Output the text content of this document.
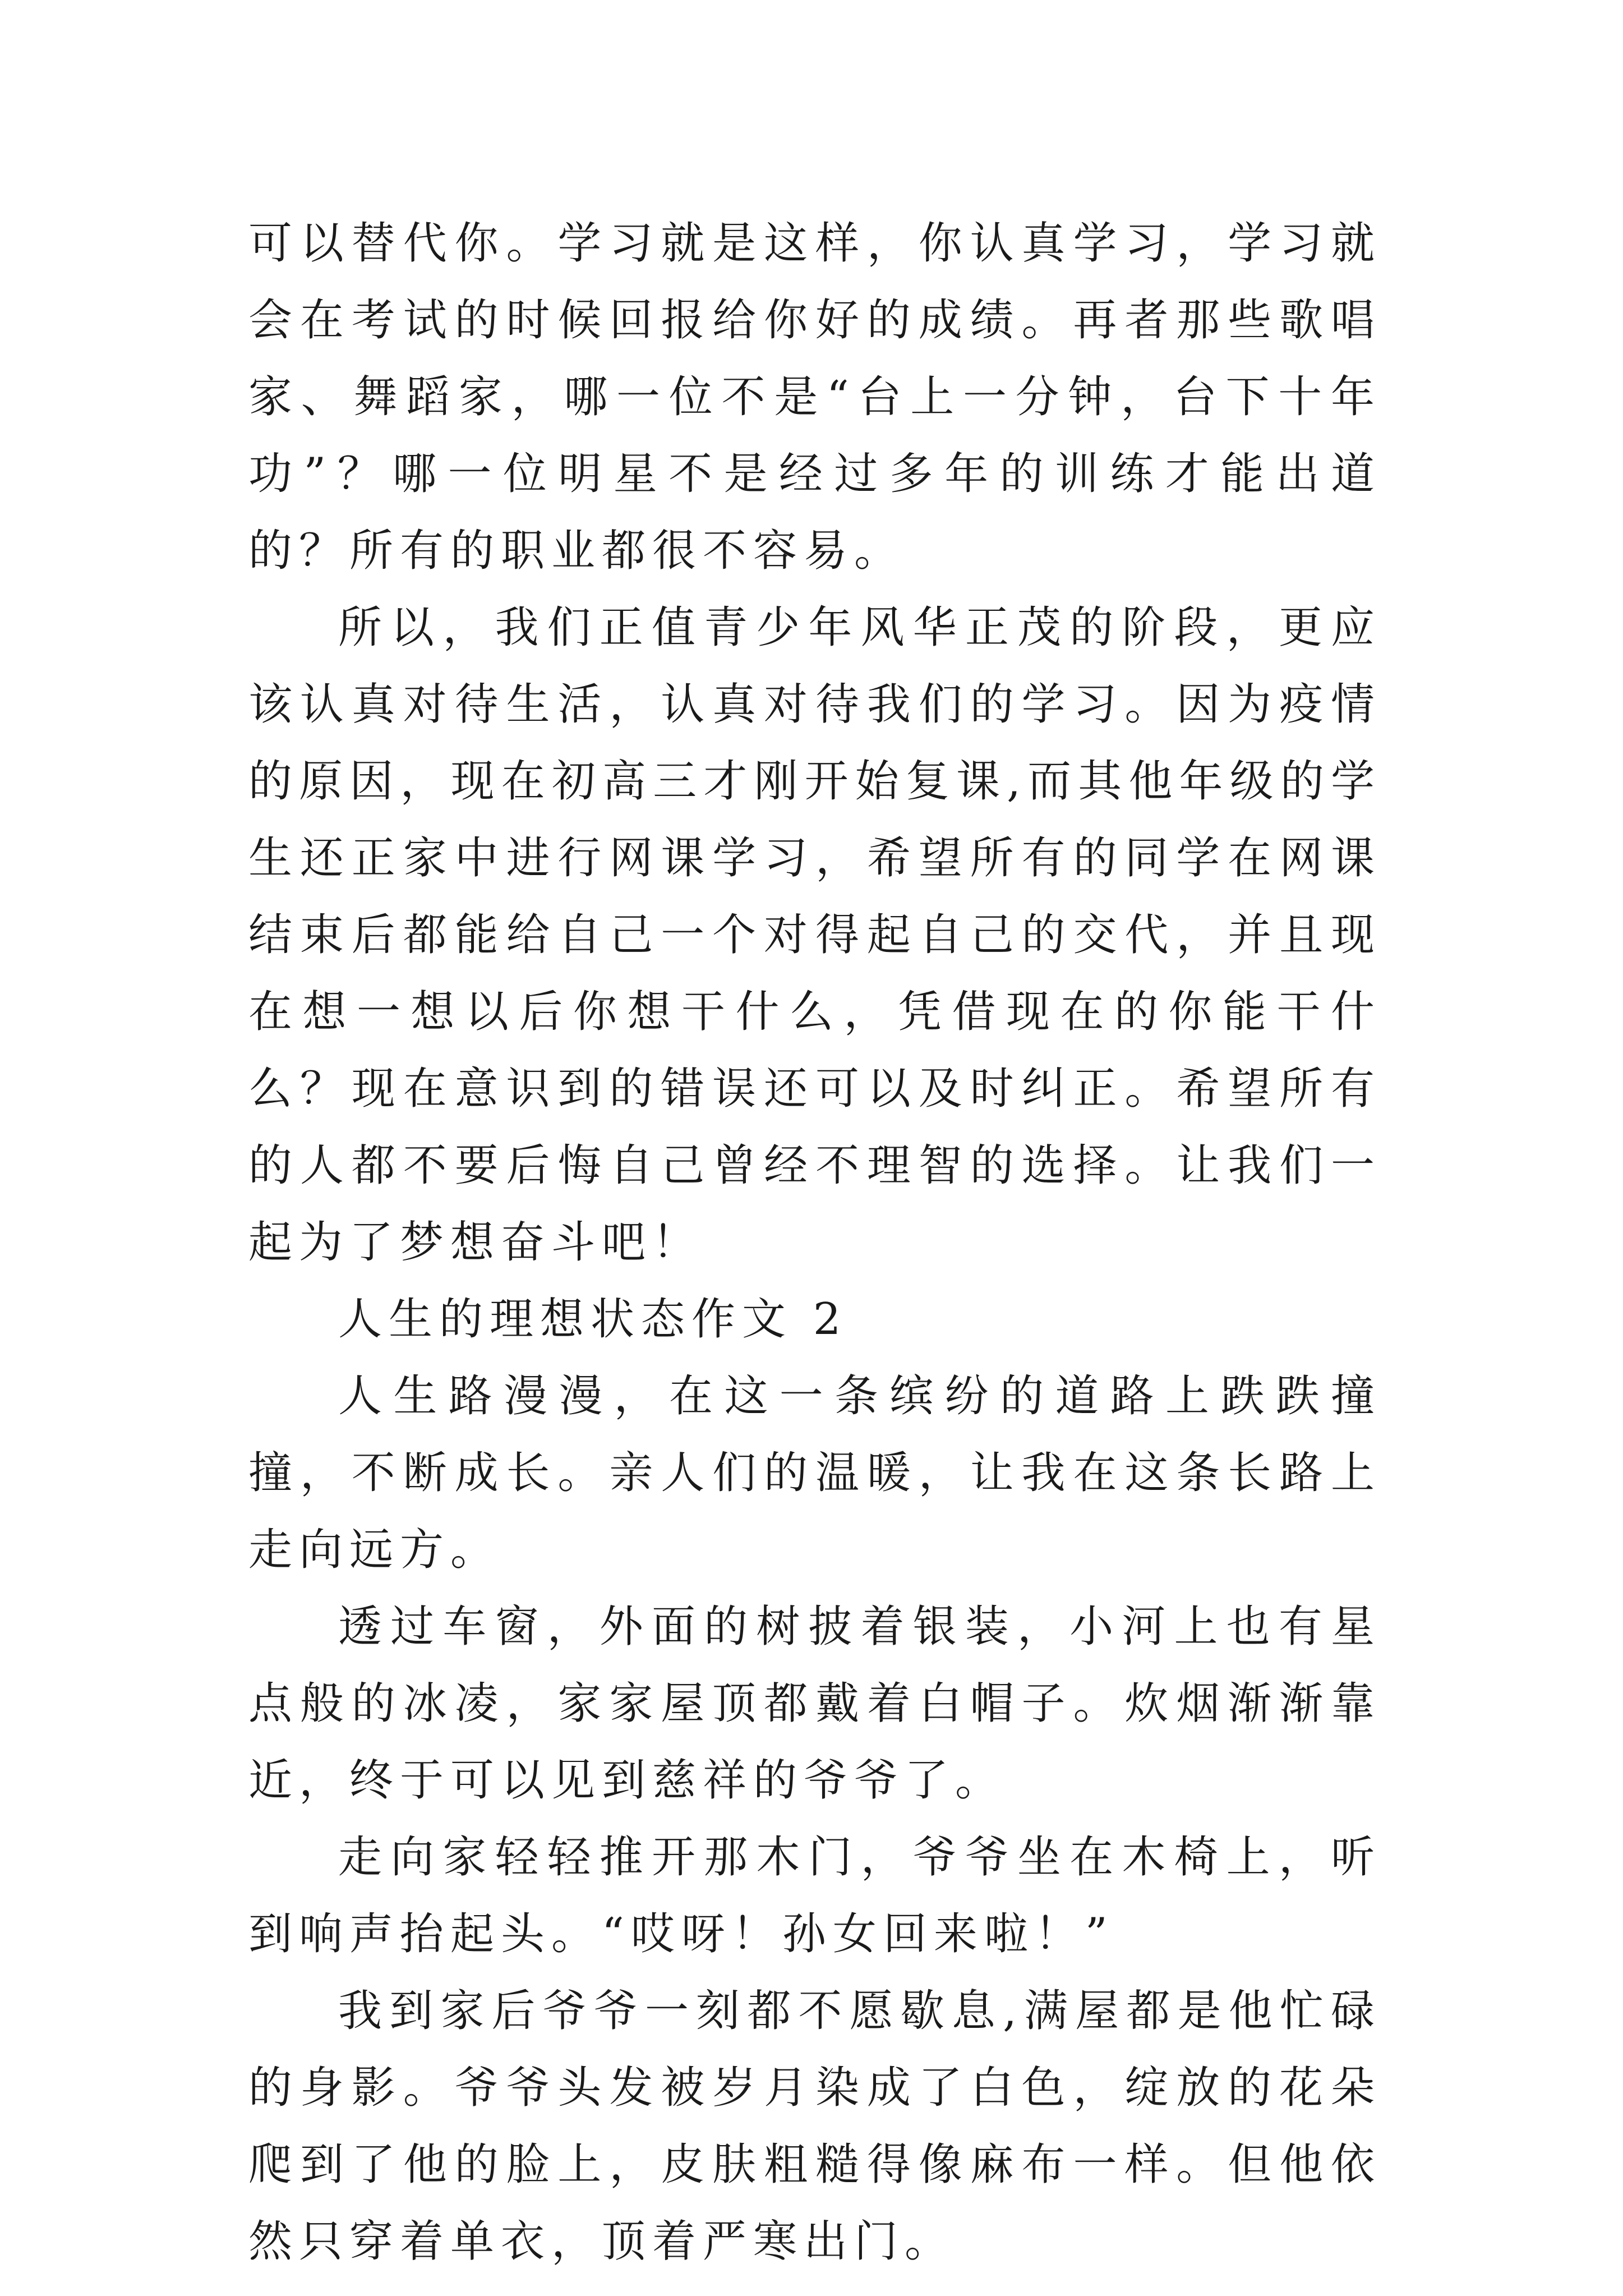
可以替代你。学习就是这样，你认真学习，学习就会在考试的时候回报给你好的成绩。再者那些歌唱家、舞蹈家，哪一位不是“台上一分钟，台下十年功”？哪一位明星不是经过多年的训练才能出道的？所有的职业都很不容易。

所以，我们正值青少年风华正茂的阶段，更应该认真对待生活，认真对待我们的学习。因为疫情的原因，现在初高三才刚开始复课,而其他年级的学生还正家中进行网课学习，希望所有的同学在网课结束后都能给自己一个对得起自己的交代，并且现在想一想以后你想干什么，凭借现在的你能干什么？现在意识到的错误还可以及时纠正。希望所有的人都不要后悔自己曾经不理智的选择。让我们一起为了梦想奋斗吧！

人生的理想状态作文 2

人生路漫漫，在这一条缤纷的道路上跌跌撞撞，不断成长。亲人们的温暖，让我在这条长路上走向远方。

透过车窗，外面的树披着银装，小河上也有星点般的冰凌，家家屋顶都戴着白帽子。炊烟渐渐靠近，终于可以见到慈祥的爷爷了。

走向家轻轻推开那木门，爷爷坐在木椅上，听到响声抬起头。“哎呀！孙女回来啦！”

我到家后爷爷一刻都不愿歇息,满屋都是他忙碌的身影。爷爷头发被岁月染成了白色，绽放的花朵爬到了他的脸上，皮肤粗糙得像麻布一样。但他依然只穿着单衣，顶着严寒出门。
